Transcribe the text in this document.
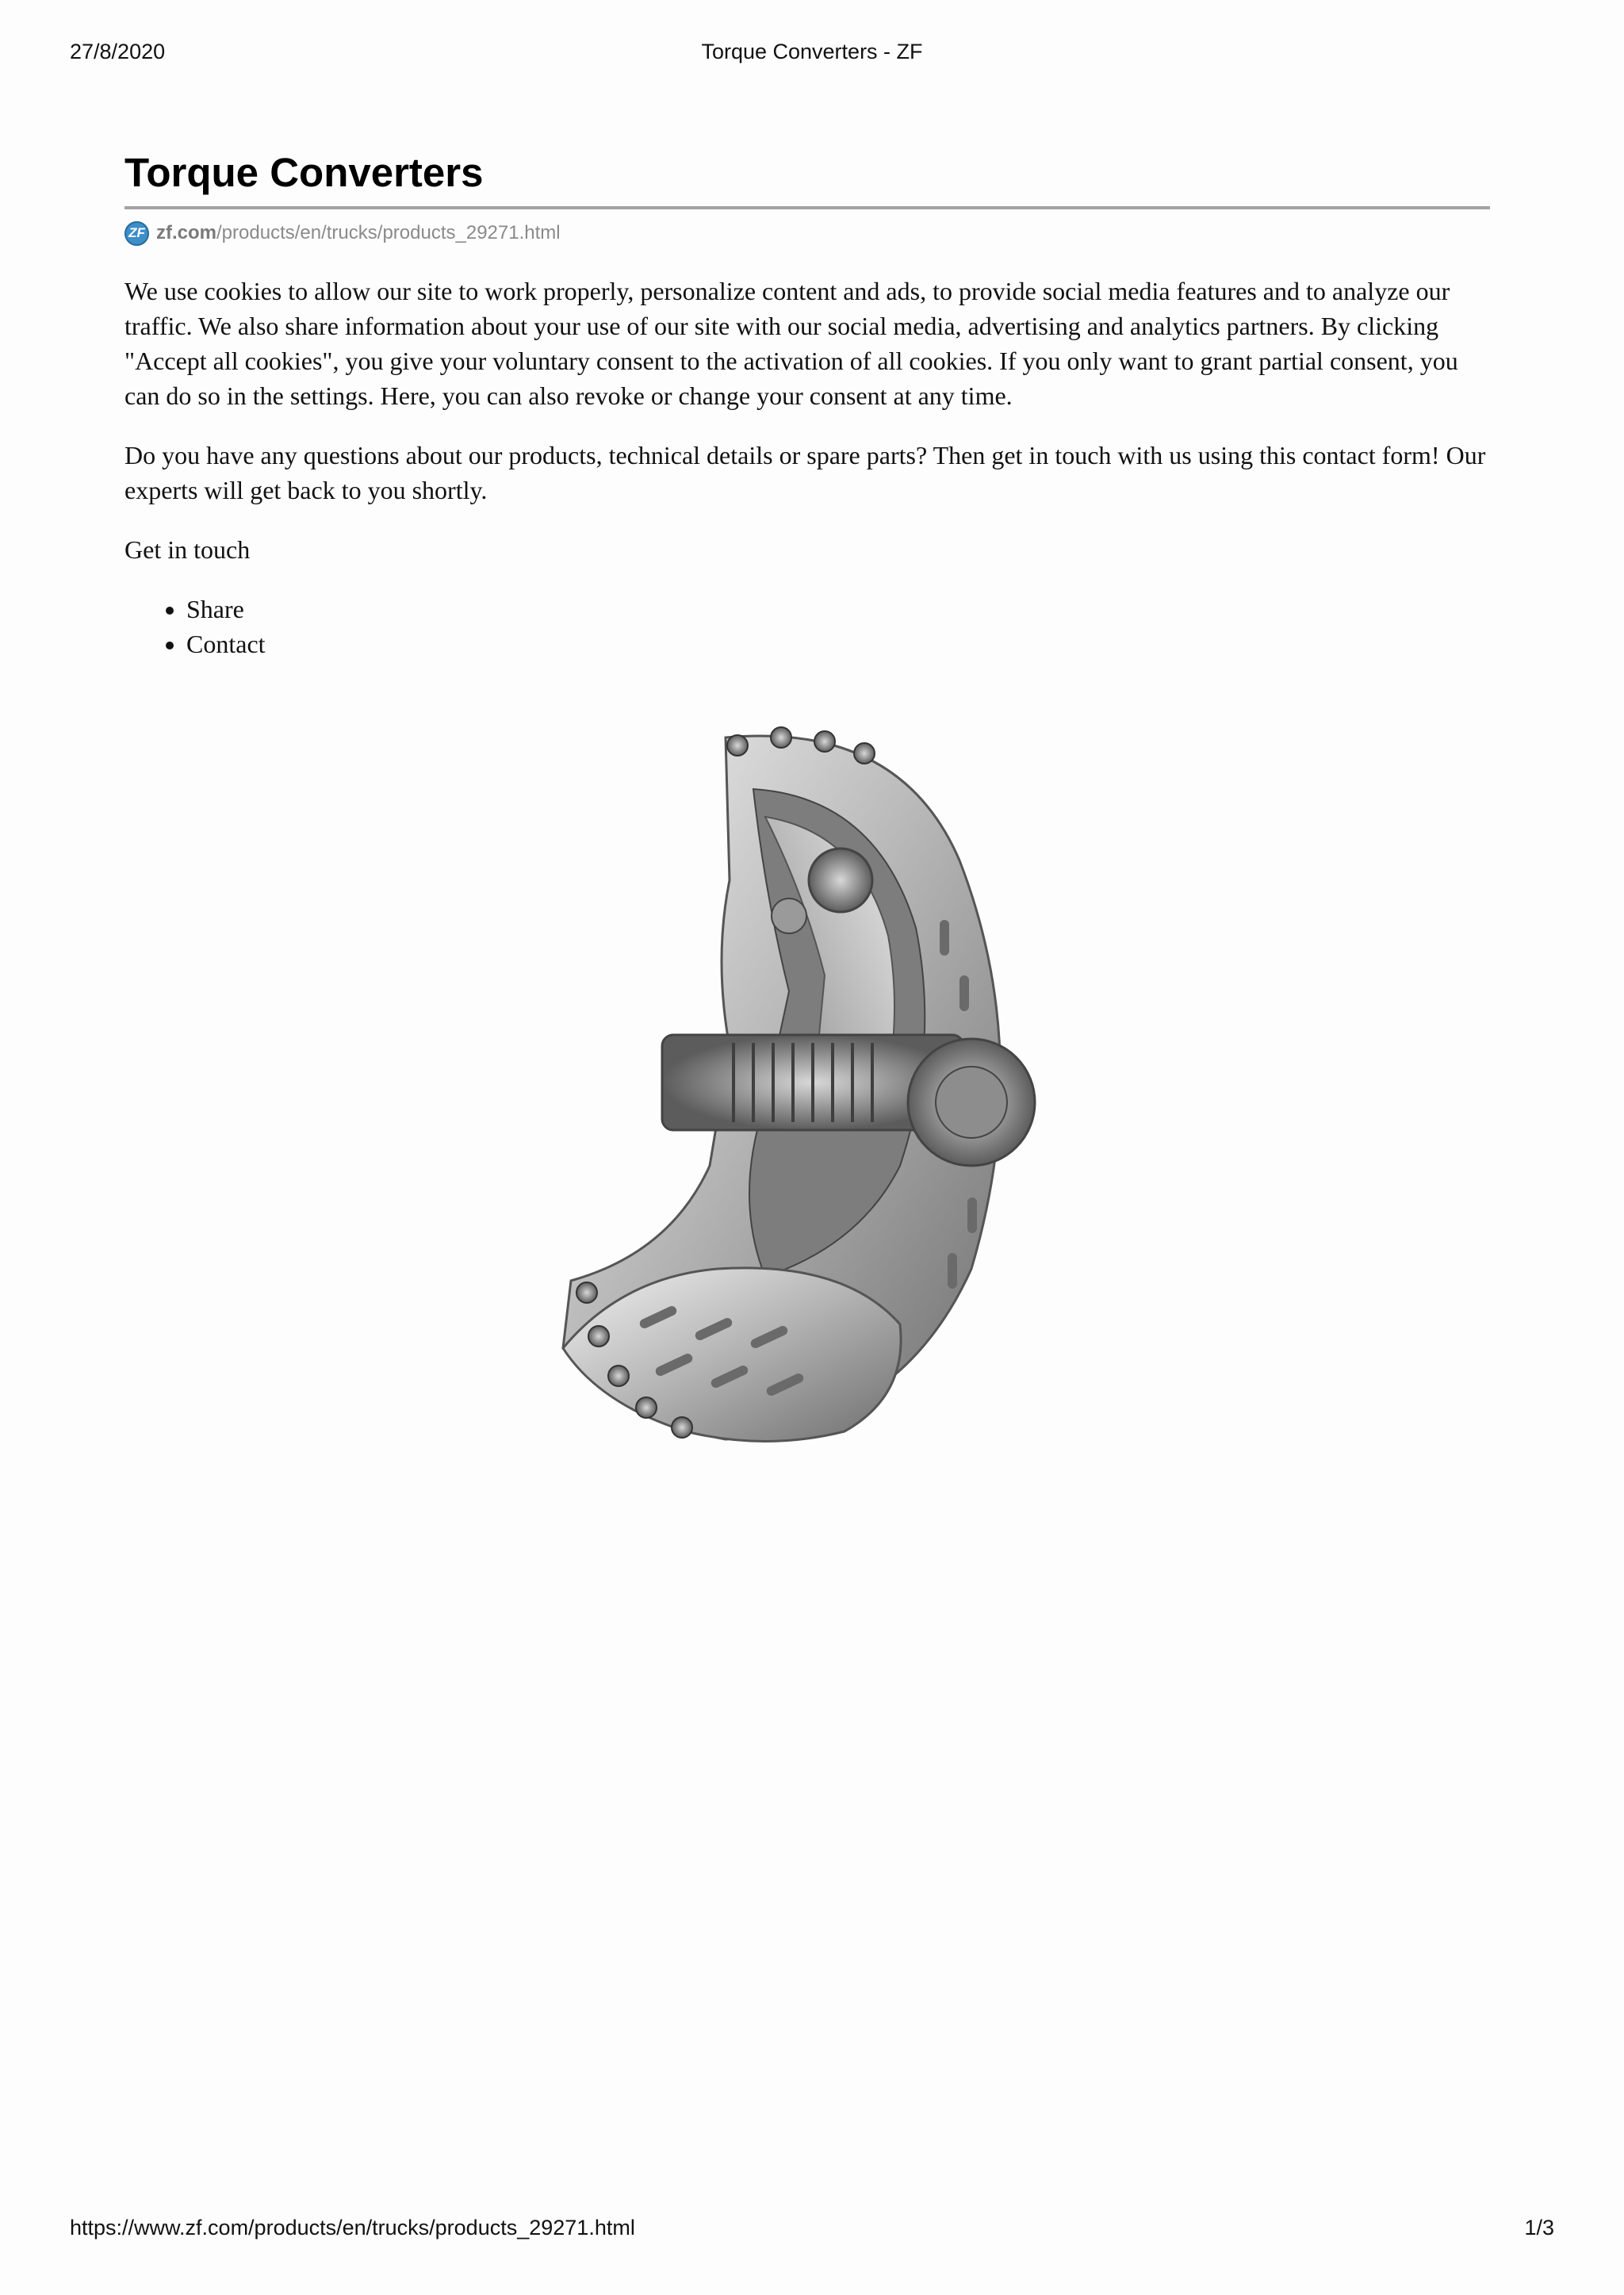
27/8/2020	Torque Converters - ZF
Torque Converters
ZF zf.com /products/en/trucks/products_29271.html

We use cookies to allow our site to work properly, personalize content and ads, to provide social media features and to analyze our traffic. We also share information about your use of our site with our social media, advertising and analytics partners. By clicking "Accept all cookies", you give your voluntary consent to the activation of all cookies. If you only want to grant partial consent, you can do so in the settings. Here, you can also revoke or change your consent at any time.

Do you have any questions about our products, technical details or spare parts? Then get in touch with us using this contact form! Our experts will get back to you shortly.

Get in touch

• Share
• Contact
https://www.zf.com/products/en/trucks/products_29271.html	1/3
